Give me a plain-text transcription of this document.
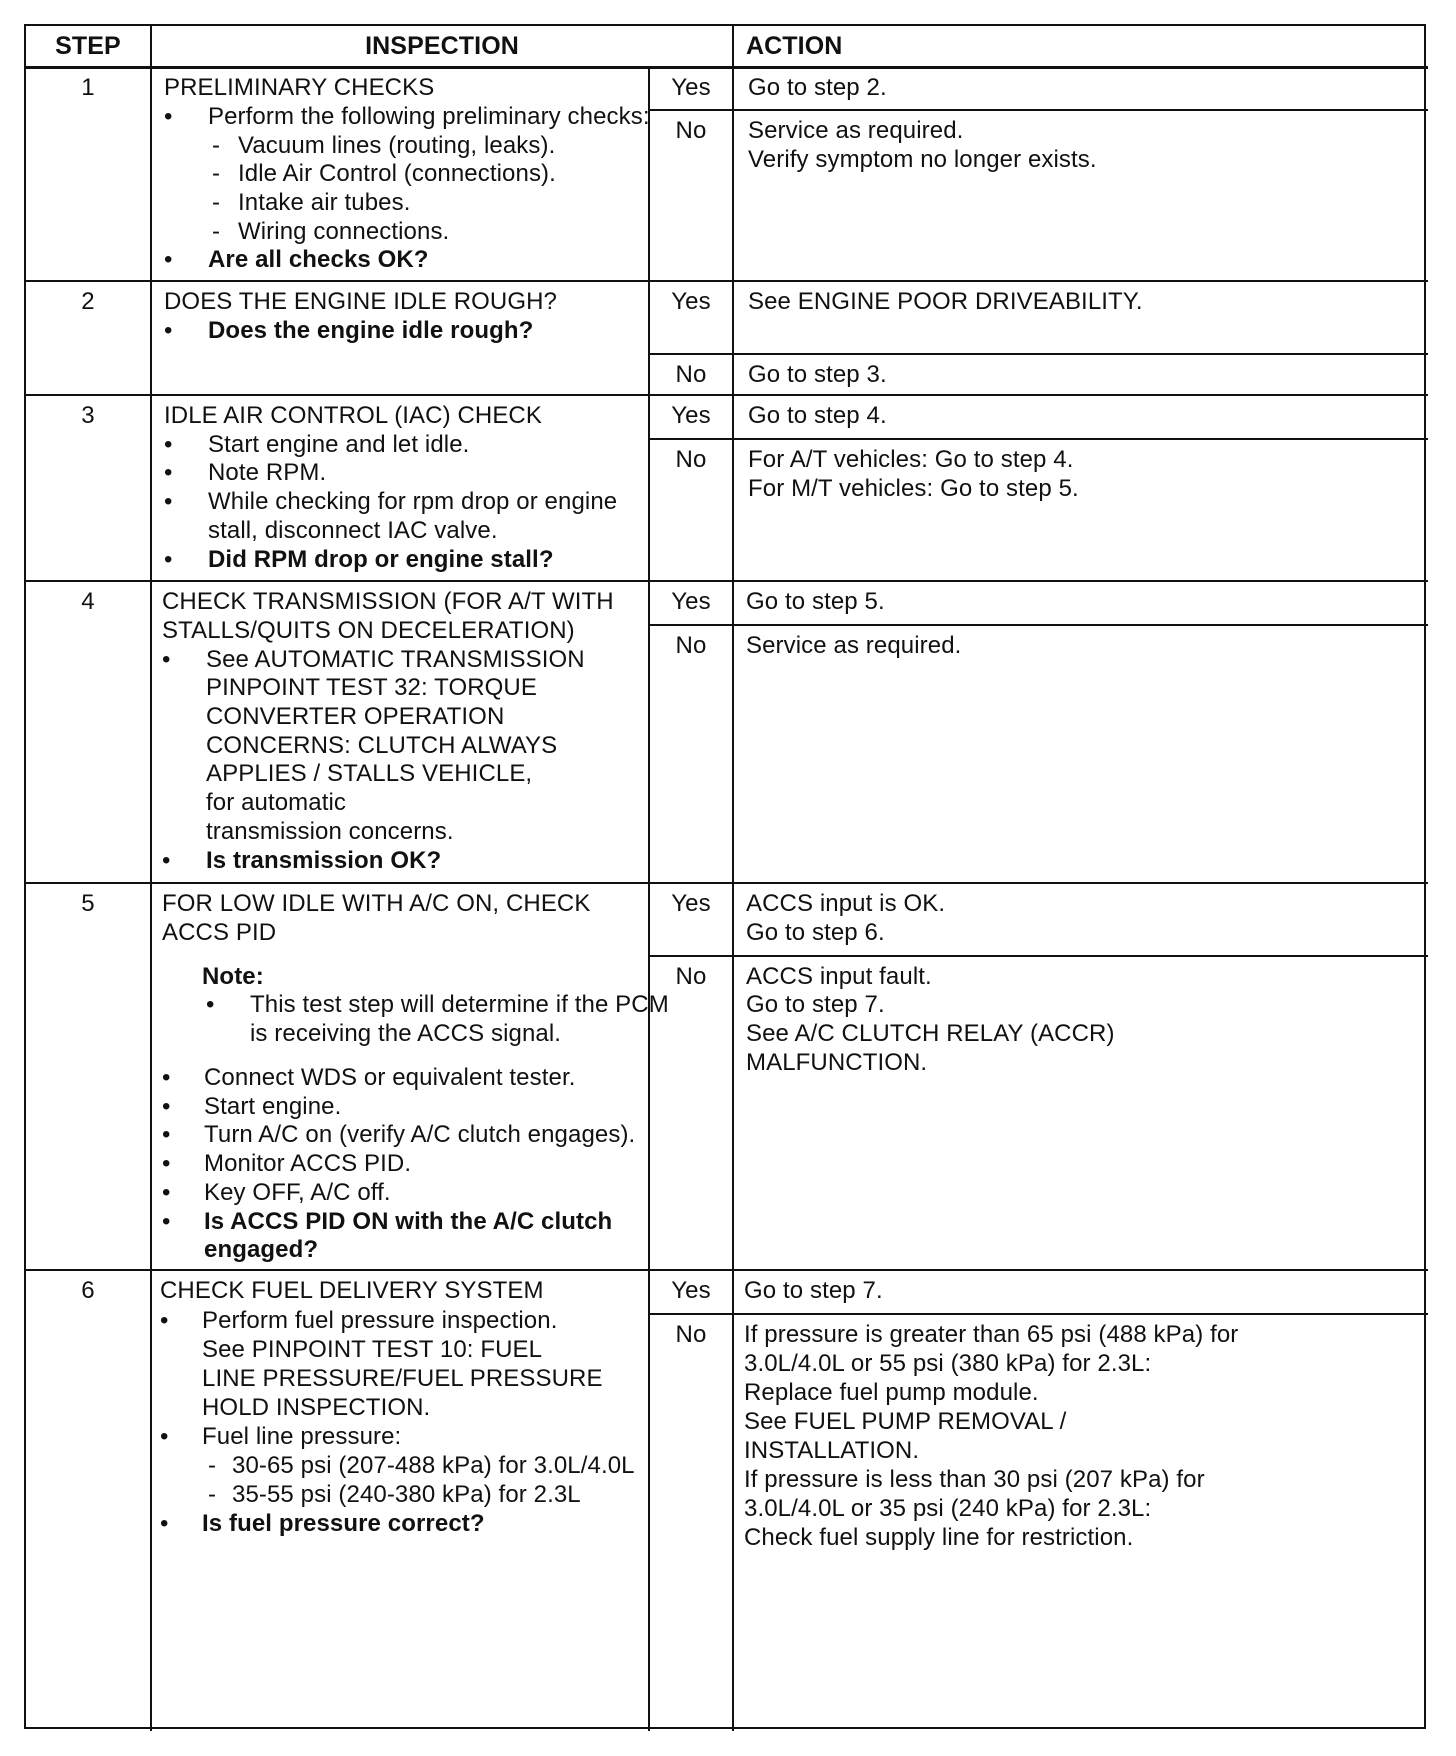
STEP	INSPECTION	ACTION
1	PRELIMINARY CHECKS
• Perform the following preliminary checks:
- Vacuum lines (routing, leaks).
- Idle Air Control (connections).
- Intake air tubes.
- Wiring connections.
• Are all checks OK?
Yes	Go to step 2.
No	Service as required.
Verify symptom no longer exists.
2	DOES THE ENGINE IDLE ROUGH?
• Does the engine idle rough?
Yes	See ENGINE POOR DRIVEABILITY.
No	Go to step 3.
3	IDLE AIR CONTROL (IAC) CHECK
• Start engine and let idle.
• Note RPM.
• While checking for rpm drop or engine
stall, disconnect IAC valve.
• Did RPM drop or engine stall?
Yes	Go to step 4.
No	For A/T vehicles: Go to step 4.
For M/T vehicles: Go to step 5.
4	CHECK TRANSMISSION (FOR A/T WITH
STALLS/QUITS ON DECELERATION)
• See AUTOMATIC TRANSMISSION
PINPOINT TEST 32: TORQUE
CONVERTER OPERATION
CONCERNS: CLUTCH ALWAYS
APPLIES / STALLS VEHICLE,
for automatic
transmission concerns.
• Is transmission OK?
Yes	Go to step 5.
No	Service as required.
5	FOR LOW IDLE WITH A/C ON, CHECK
ACCS PID
Note:
• This test step will determine if the PCM
is receiving the ACCS signal.
• Connect WDS or equivalent tester.
• Start engine.
• Turn A/C on (verify A/C clutch engages).
• Monitor ACCS PID.
• Key OFF, A/C off.
• Is ACCS PID ON with the A/C clutch
engaged?
Yes	ACCS input is OK.
Go to step 6.
No	ACCS input fault.
Go to step 7.
See A/C CLUTCH RELAY (ACCR)
MALFUNCTION.
6	CHECK FUEL DELIVERY SYSTEM
• Perform fuel pressure inspection.
See PINPOINT TEST 10: FUEL
LINE PRESSURE/FUEL PRESSURE
HOLD INSPECTION.
• Fuel line pressure:
- 30-65 psi (207-488 kPa) for 3.0L/4.0L
- 35-55 psi (240-380 kPa) for 2.3L
• Is fuel pressure correct?
Yes	Go to step 7.
No	If pressure is greater than 65 psi (488 kPa) for
3.0L/4.0L or 55 psi (380 kPa) for 2.3L:
Replace fuel pump module.
See FUEL PUMP REMOVAL /
INSTALLATION.
If pressure is less than 30 psi (207 kPa) for
3.0L/4.0L or 35 psi (240 kPa) for 2.3L:
Check fuel supply line for restriction.
